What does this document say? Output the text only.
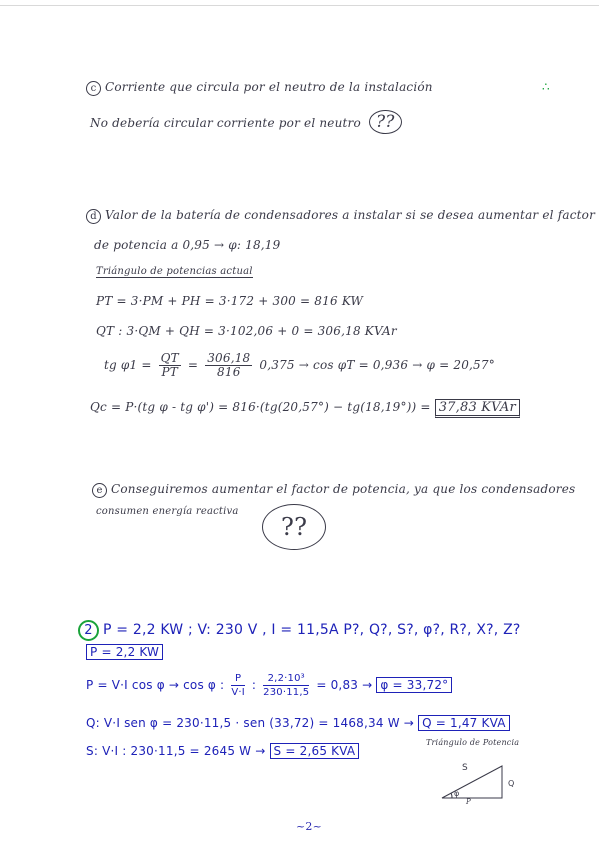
c Corriente que circula por el neutro de la instalación	∴
No debería circular corriente por el neutro ??
d Valor de la batería de condensadores a instalar si se desea aumentar el factor
de potencia a 0,95 → φ: 18,19
Triángulo de potencias actual
PT = 3·PM + PH = 3·172 + 300 = 816 KW
QT : 3·QM + QH = 3·102,06 + 0 = 306,18 KVAr
tg $\varphi 1 = \frac{QT}{PT} = \frac{306,18}{816} 0,375 \to \cos \varphi T = 0,936 \to \varphi = 20,57^\circ$
Qc = P·(tg φ - tg φ') = 816·(tg(20,57°) − tg(18,19°)) = 37,83 KVAr
e Conseguiremos aumentar el factor de potencia, ya que los condensadores
consumen energía reactiva
??
2 P = 2,2 KW ; V: 230 V , I = 11,5A P?, Q?, S?, φ?, R?, X?, Z?
P = 2,2 KW
P = V·I cos φ → cos φ : $\frac{P}{V\cdot I}$ : $\frac{\text{2,2·10³}}{230\cdot 11,5} = 0,83 \to \varphi = 33,72^\circ$
Q: V·I sen φ = 230·11,5 · sen (33,72) = 1468,34 W → Q = 1,47 KVA
S: V·I : 230·11,5 = 2645 W → S = 2,65 KVA
Triángulo de Potencia
S
Q
φ
P
~2~
